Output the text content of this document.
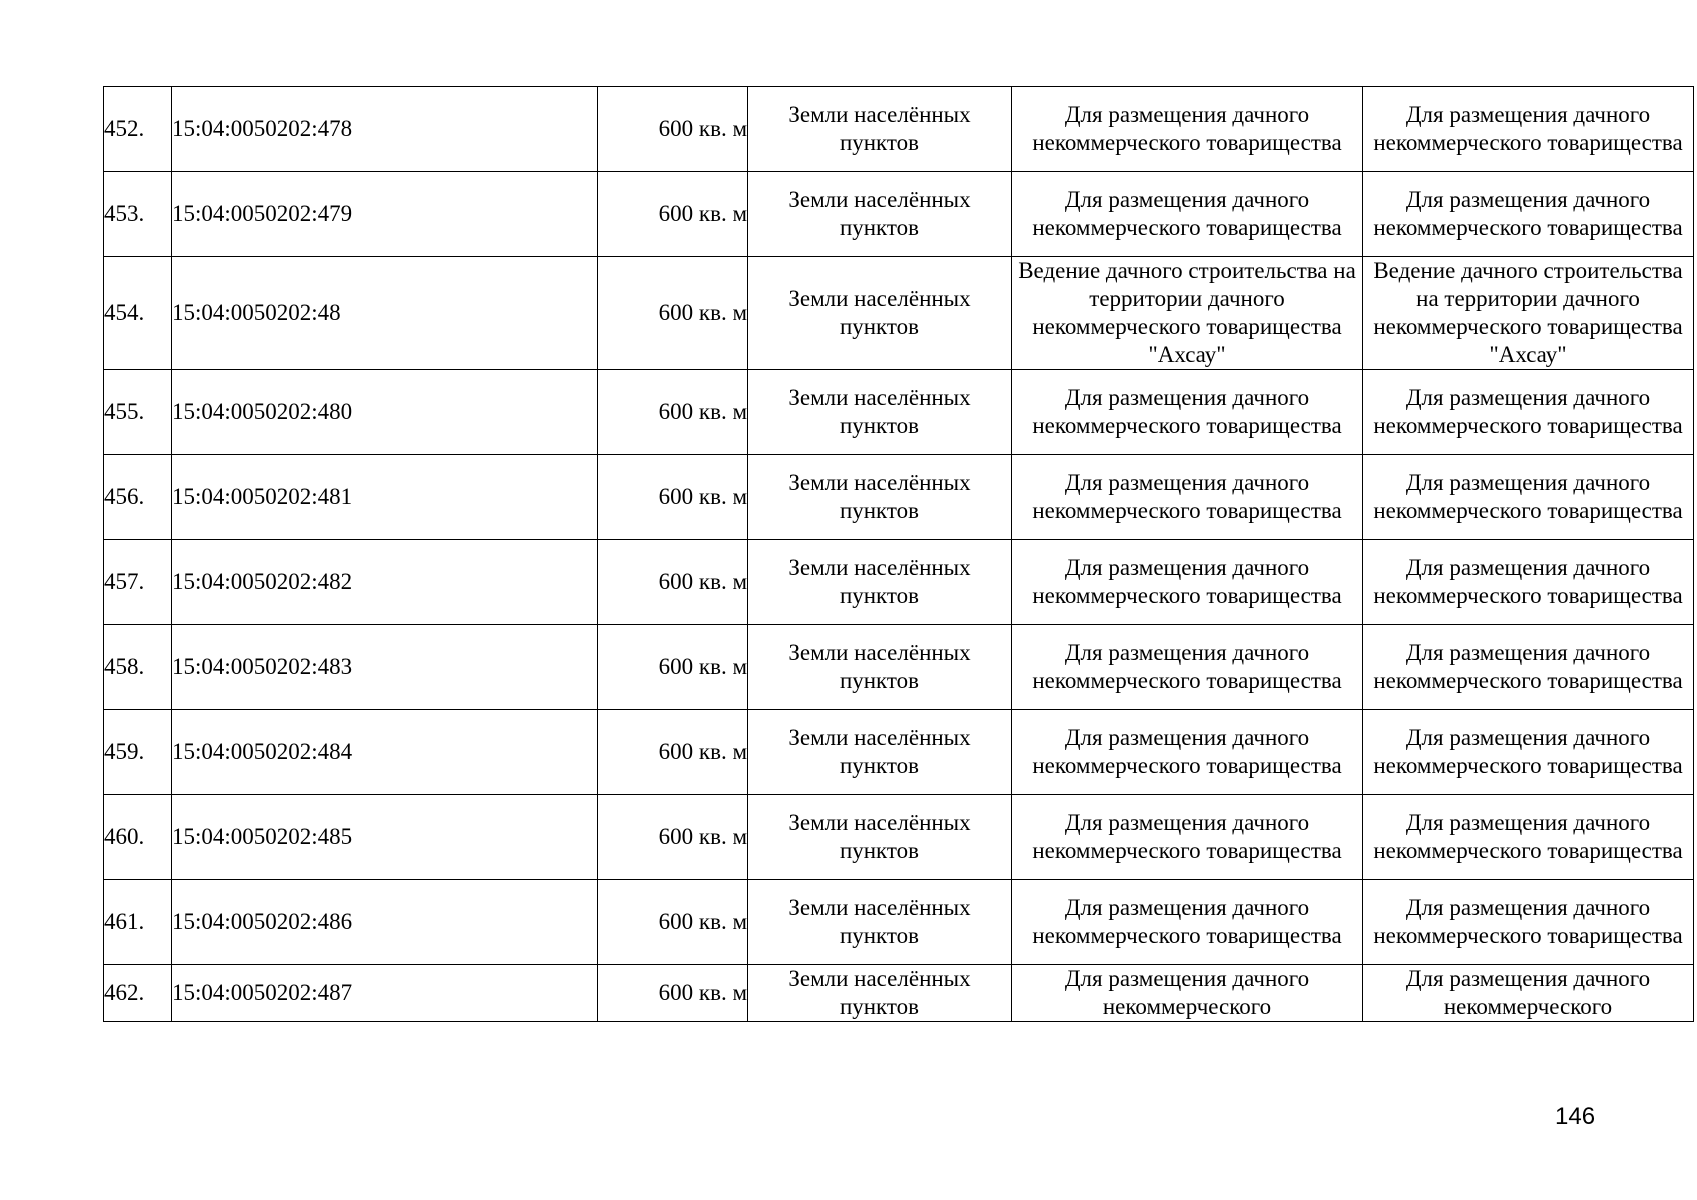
452.	15:04:0050202:478	600 кв. м	Земли населённых пунктов	Для размещения дачного некоммерческого товарищества	Для размещения дачного некоммерческого товарищества
453.	15:04:0050202:479	600 кв. м	Земли населённых пунктов	Для размещения дачного некоммерческого товарищества	Для размещения дачного некоммерческого товарищества
454.	15:04:0050202:48	600 кв. м	Земли населённых пунктов	Ведение дачного строительства на территории дачного некоммерческого товарищества "Ахсау"	Ведение дачного строительства на территории дачного некоммерческого товарищества "Ахсау"
455.	15:04:0050202:480	600 кв. м	Земли населённых пунктов	Для размещения дачного некоммерческого товарищества	Для размещения дачного некоммерческого товарищества
456.	15:04:0050202:481	600 кв. м	Земли населённых пунктов	Для размещения дачного некоммерческого товарищества	Для размещения дачного некоммерческого товарищества
457.	15:04:0050202:482	600 кв. м	Земли населённых пунктов	Для размещения дачного некоммерческого товарищества	Для размещения дачного некоммерческого товарищества
458.	15:04:0050202:483	600 кв. м	Земли населённых пунктов	Для размещения дачного некоммерческого товарищества	Для размещения дачного некоммерческого товарищества
459.	15:04:0050202:484	600 кв. м	Земли населённых пунктов	Для размещения дачного некоммерческого товарищества	Для размещения дачного некоммерческого товарищества
460.	15:04:0050202:485	600 кв. м	Земли населённых пунктов	Для размещения дачного некоммерческого товарищества	Для размещения дачного некоммерческого товарищества
461.	15:04:0050202:486	600 кв. м	Земли населённых пунктов	Для размещения дачного некоммерческого товарищества	Для размещения дачного некоммерческого товарищества
462.	15:04:0050202:487	600 кв. м	Земли населённых пунктов	Для размещения дачного некоммерческого	Для размещения дачного некоммерческого
146
